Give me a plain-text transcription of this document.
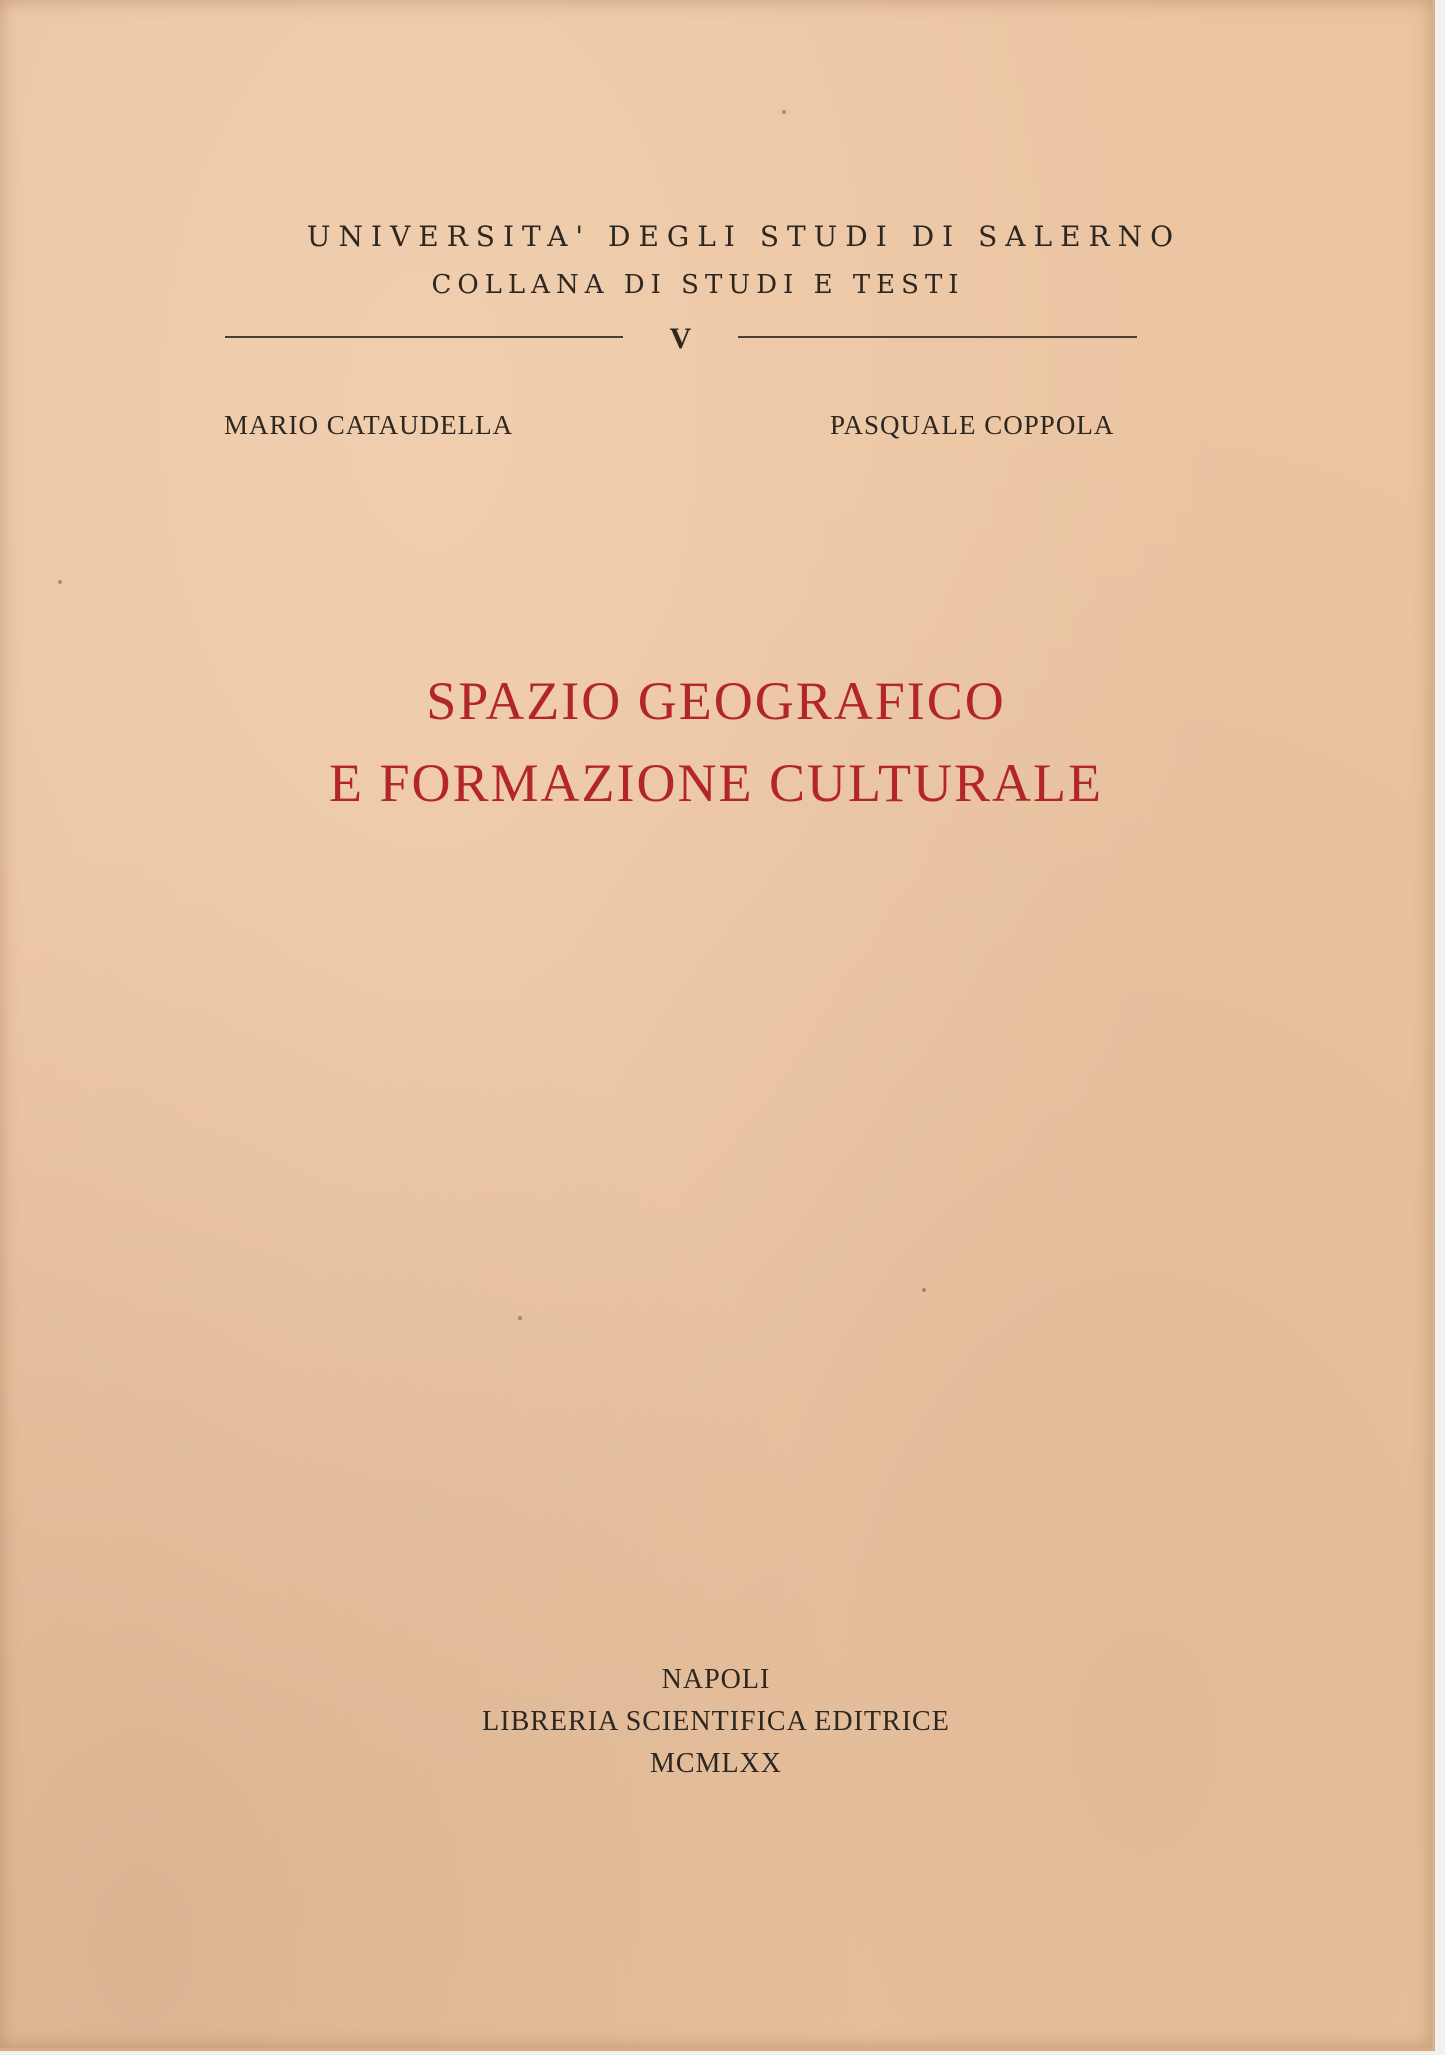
UNIVERSITA' DEGLI STUDI DI SALERNO
COLLANA DI STUDI E TESTI
V
MARIO CATAUDELLA	PASQUALE COPPOLA
SPAZIO GEOGRAFICO
E FORMAZIONE CULTURALE
NAPOLI
LIBRERIA SCIENTIFICA EDITRICE
MCMLXX
